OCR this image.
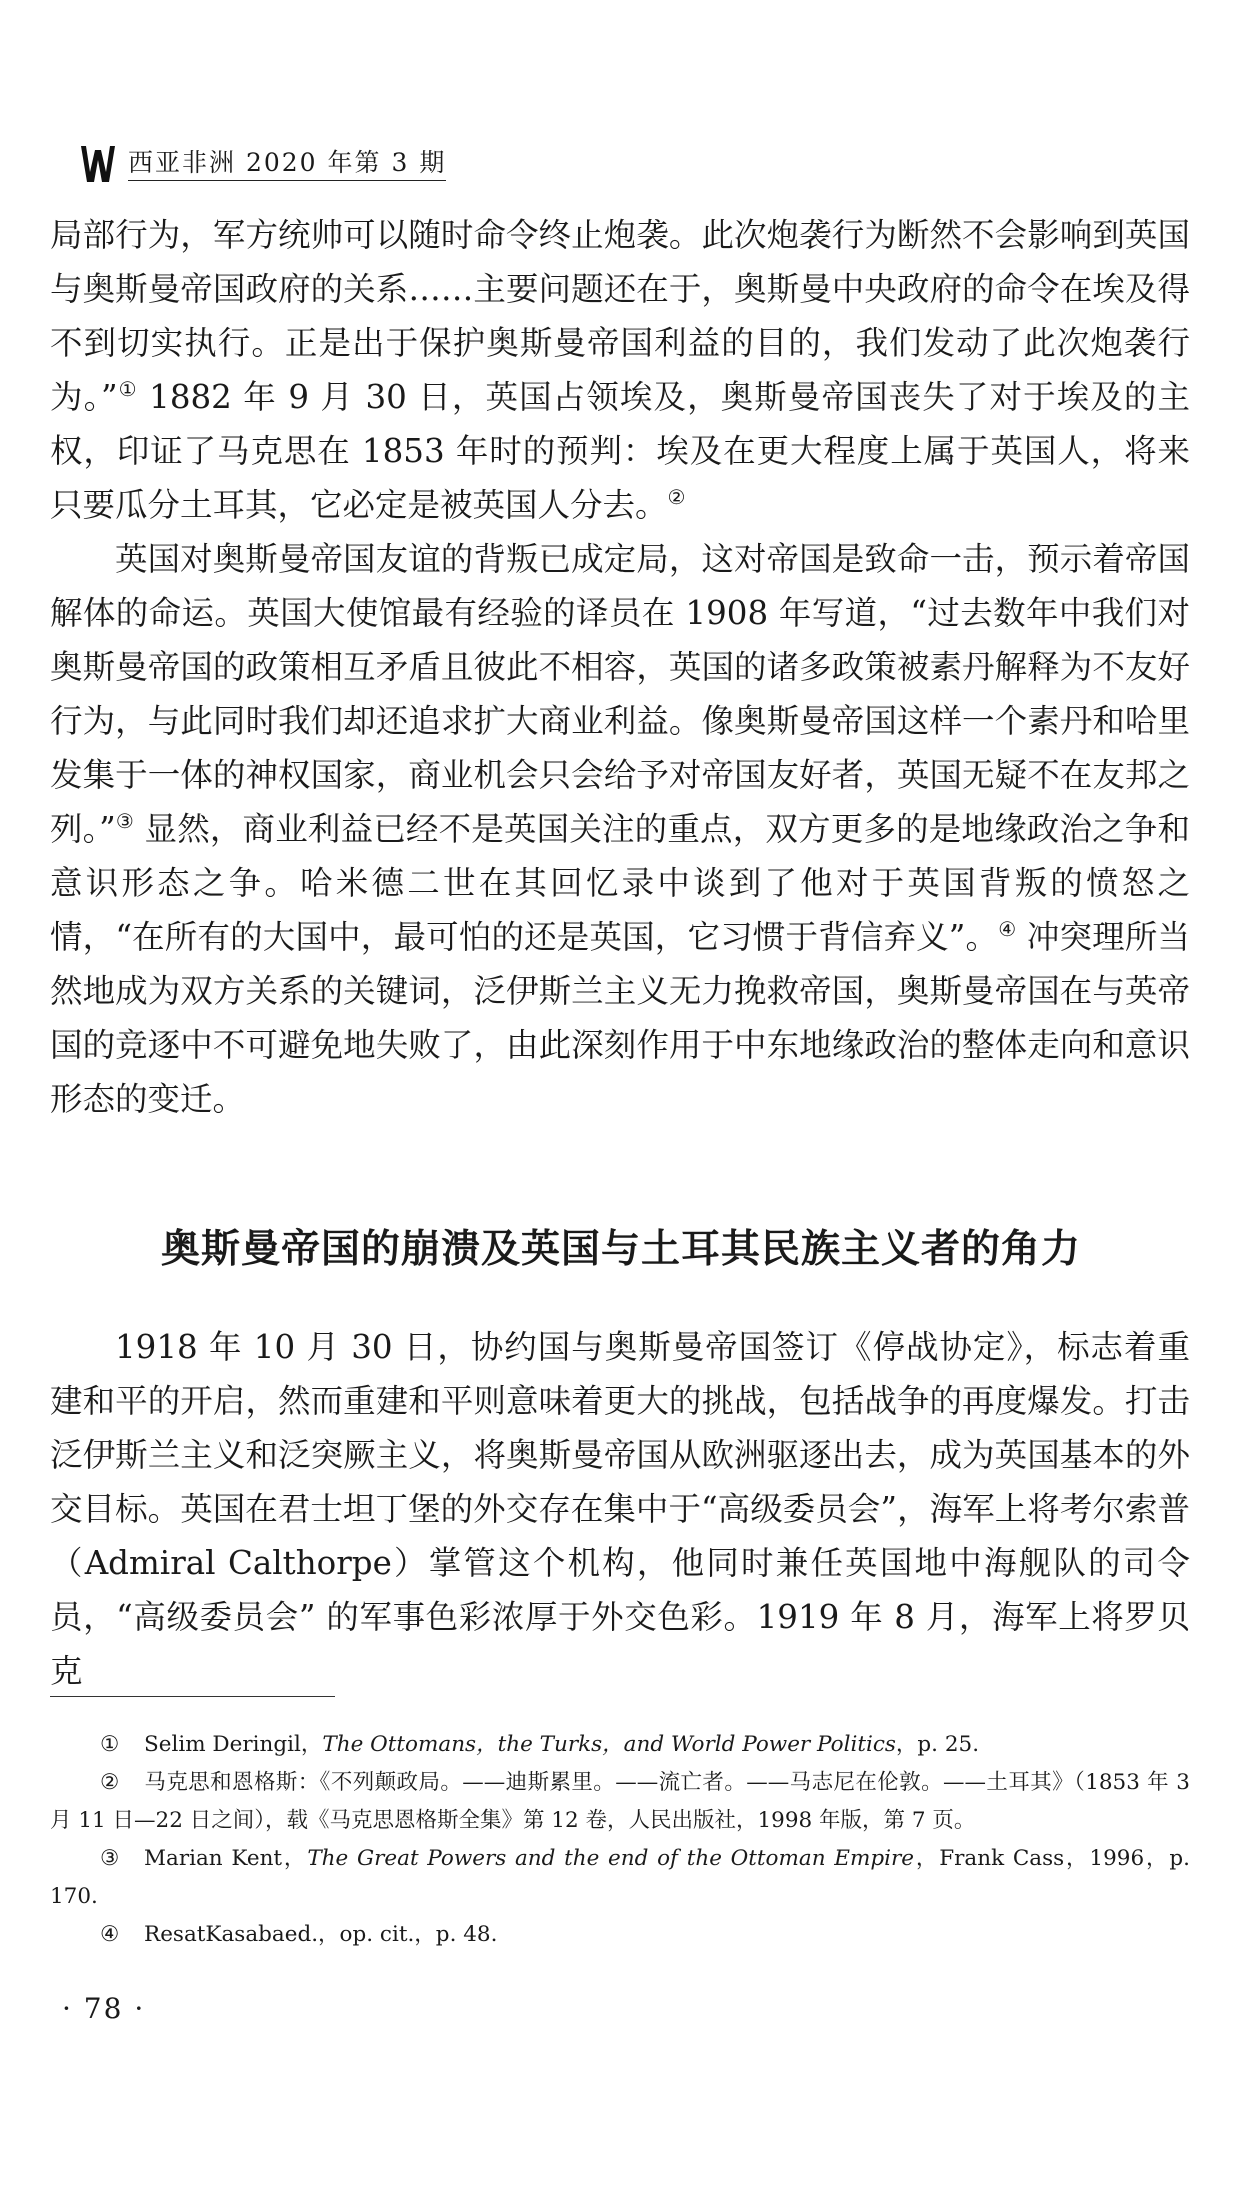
西亚非洲 2020 年第 3 期

局部行为，军方统帅可以随时命令终止炮袭。此次炮袭行为断然不会影响到英国与奥斯曼帝国政府的关系……主要问题还在于，奥斯曼中央政府的命令在埃及得不到切实执行。正是出于保护奥斯曼帝国利益的目的，我们发动了此次炮袭行为。”① 1882 年 9 月 30 日，英国占领埃及，奥斯曼帝国丧失了对于埃及的主权，印证了马克思在 1853 年时的预判：埃及在更大程度上属于英国人，将来只要瓜分土耳其，它必定是被英国人分去。②

英国对奥斯曼帝国友谊的背叛已成定局，这对帝国是致命一击，预示着帝国解体的命运。英国大使馆最有经验的译员在 1908 年写道，“过去数年中我们对奥斯曼帝国的政策相互矛盾且彼此不相容，英国的诸多政策被素丹解释为不友好行为，与此同时我们却还追求扩大商业利益。像奥斯曼帝国这样一个素丹和哈里发集于一体的神权国家，商业机会只会给予对帝国友好者，英国无疑不在友邦之列。”③ 显然，商业利益已经不是英国关注的重点，双方更多的是地缘政治之争和意识形态之争。哈米德二世在其回忆录中谈到了他对于英国背叛的愤怒之情，“在所有的大国中，最可怕的还是英国，它习惯于背信弃义”。④ 冲突理所当然地成为双方关系的关键词，泛伊斯兰主义无力挽救帝国，奥斯曼帝国在与英帝国的竞逐中不可避免地失败了，由此深刻作用于中东地缘政治的整体走向和意识形态的变迁。

奥斯曼帝国的崩溃及英国与土耳其民族主义者的角力

1918 年 10 月 30 日，协约国与奥斯曼帝国签订《停战协定》，标志着重建和平的开启，然而重建和平则意味着更大的挑战，包括战争的再度爆发。打击泛伊斯兰主义和泛突厥主义，将奥斯曼帝国从欧洲驱逐出去，成为英国基本的外交目标。英国在君士坦丁堡的外交存在集中于“高级委员会”，海军上将考尔索普（Admiral Calthorpe）掌管这个机构，他同时兼任英国地中海舰队的司令员，“高级委员会” 的军事色彩浓厚于外交色彩。1919 年 8 月，海军上将罗贝克

① Selim Deringil，The Ottomans，the Turks，and World Power Politics，p. 25.

② 马克思和恩格斯：《不列颠政局。——迪斯累里。——流亡者。——马志尼在伦敦。——土耳其》（1853 年 3 月 11 日—22 日之间），载《马克思恩格斯全集》第 12 卷，人民出版社，1998 年版，第 7 页。

③ Marian Kent，The Great Powers and the end of the Ottoman Empire，Frank Cass，1996，p. 170.

④ ResatKasabaed.，op. cit.，p. 48.

· 78 ·
